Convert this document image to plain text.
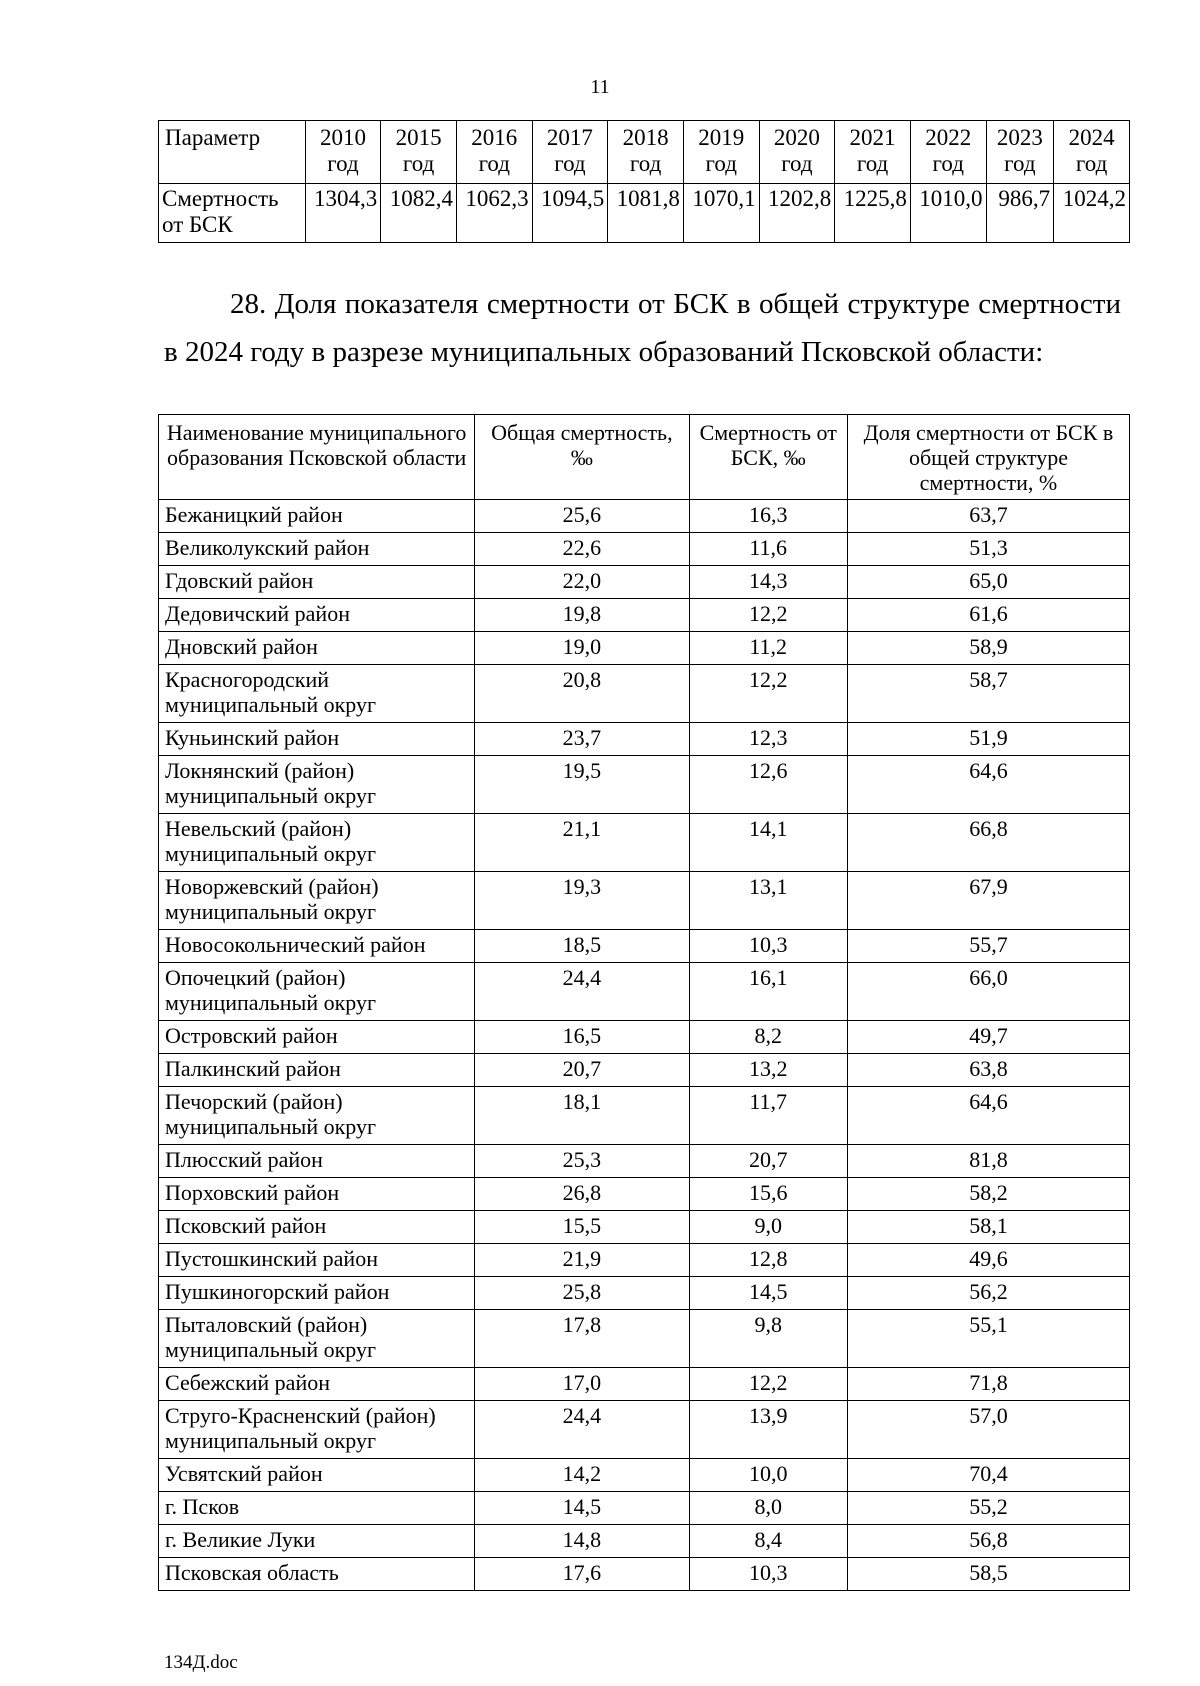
11
Параметр	2010 год	2015 год	2016 год	2017 год	2018 год	2019 год	2020 год	2021 год	2022 год	2023 год	2024 год
Смертность от БСК	1304,3	1082,4	1062,3	1094,5	1081,8	1070,1	1202,8	1225,8	1010,0	986,7	1024,2
28. Доля показателя смертности от БСК в общей структуре смертности в 2024 году в разрезе муниципальных образований Псковской области:
Наименование муниципального образования Псковской области	Общая смертность, ‰	Смертность от БСК, ‰	Доля смертности от БСК в общей структуре смертности, %
Бежаницкий район	25,6	16,3	63,7
Великолукский район	22,6	11,6	51,3
Гдовский район	22,0	14,3	65,0
Дедовичский район	19,8	12,2	61,6
Дновский район	19,0	11,2	58,9
Красногородский муниципальный округ	20,8	12,2	58,7
Куньинский район	23,7	12,3	51,9
Локнянский (район) муниципальный округ	19,5	12,6	64,6
Невельский (район) муниципальный округ	21,1	14,1	66,8
Новоржевский (район) муниципальный округ	19,3	13,1	67,9
Новосокольнический район	18,5	10,3	55,7
Опочецкий (район) муниципальный округ	24,4	16,1	66,0
Островский район	16,5	8,2	49,7
Палкинский район	20,7	13,2	63,8
Печорский (район) муниципальный округ	18,1	11,7	64,6
Плюсский район	25,3	20,7	81,8
Порховский район	26,8	15,6	58,2
Псковский район	15,5	9,0	58,1
Пустошкинский район	21,9	12,8	49,6
Пушкиногорский район	25,8	14,5	56,2
Пыталовский (район) муниципальный округ	17,8	9,8	55,1
Себежский район	17,0	12,2	71,8
Струго-Красненский (район) муниципальный округ	24,4	13,9	57,0
Усвятский район	14,2	10,0	70,4
г. Псков	14,5	8,0	55,2
г. Великие Луки	14,8	8,4	56,8
Псковская область	17,6	10,3	58,5
134Д.doc
